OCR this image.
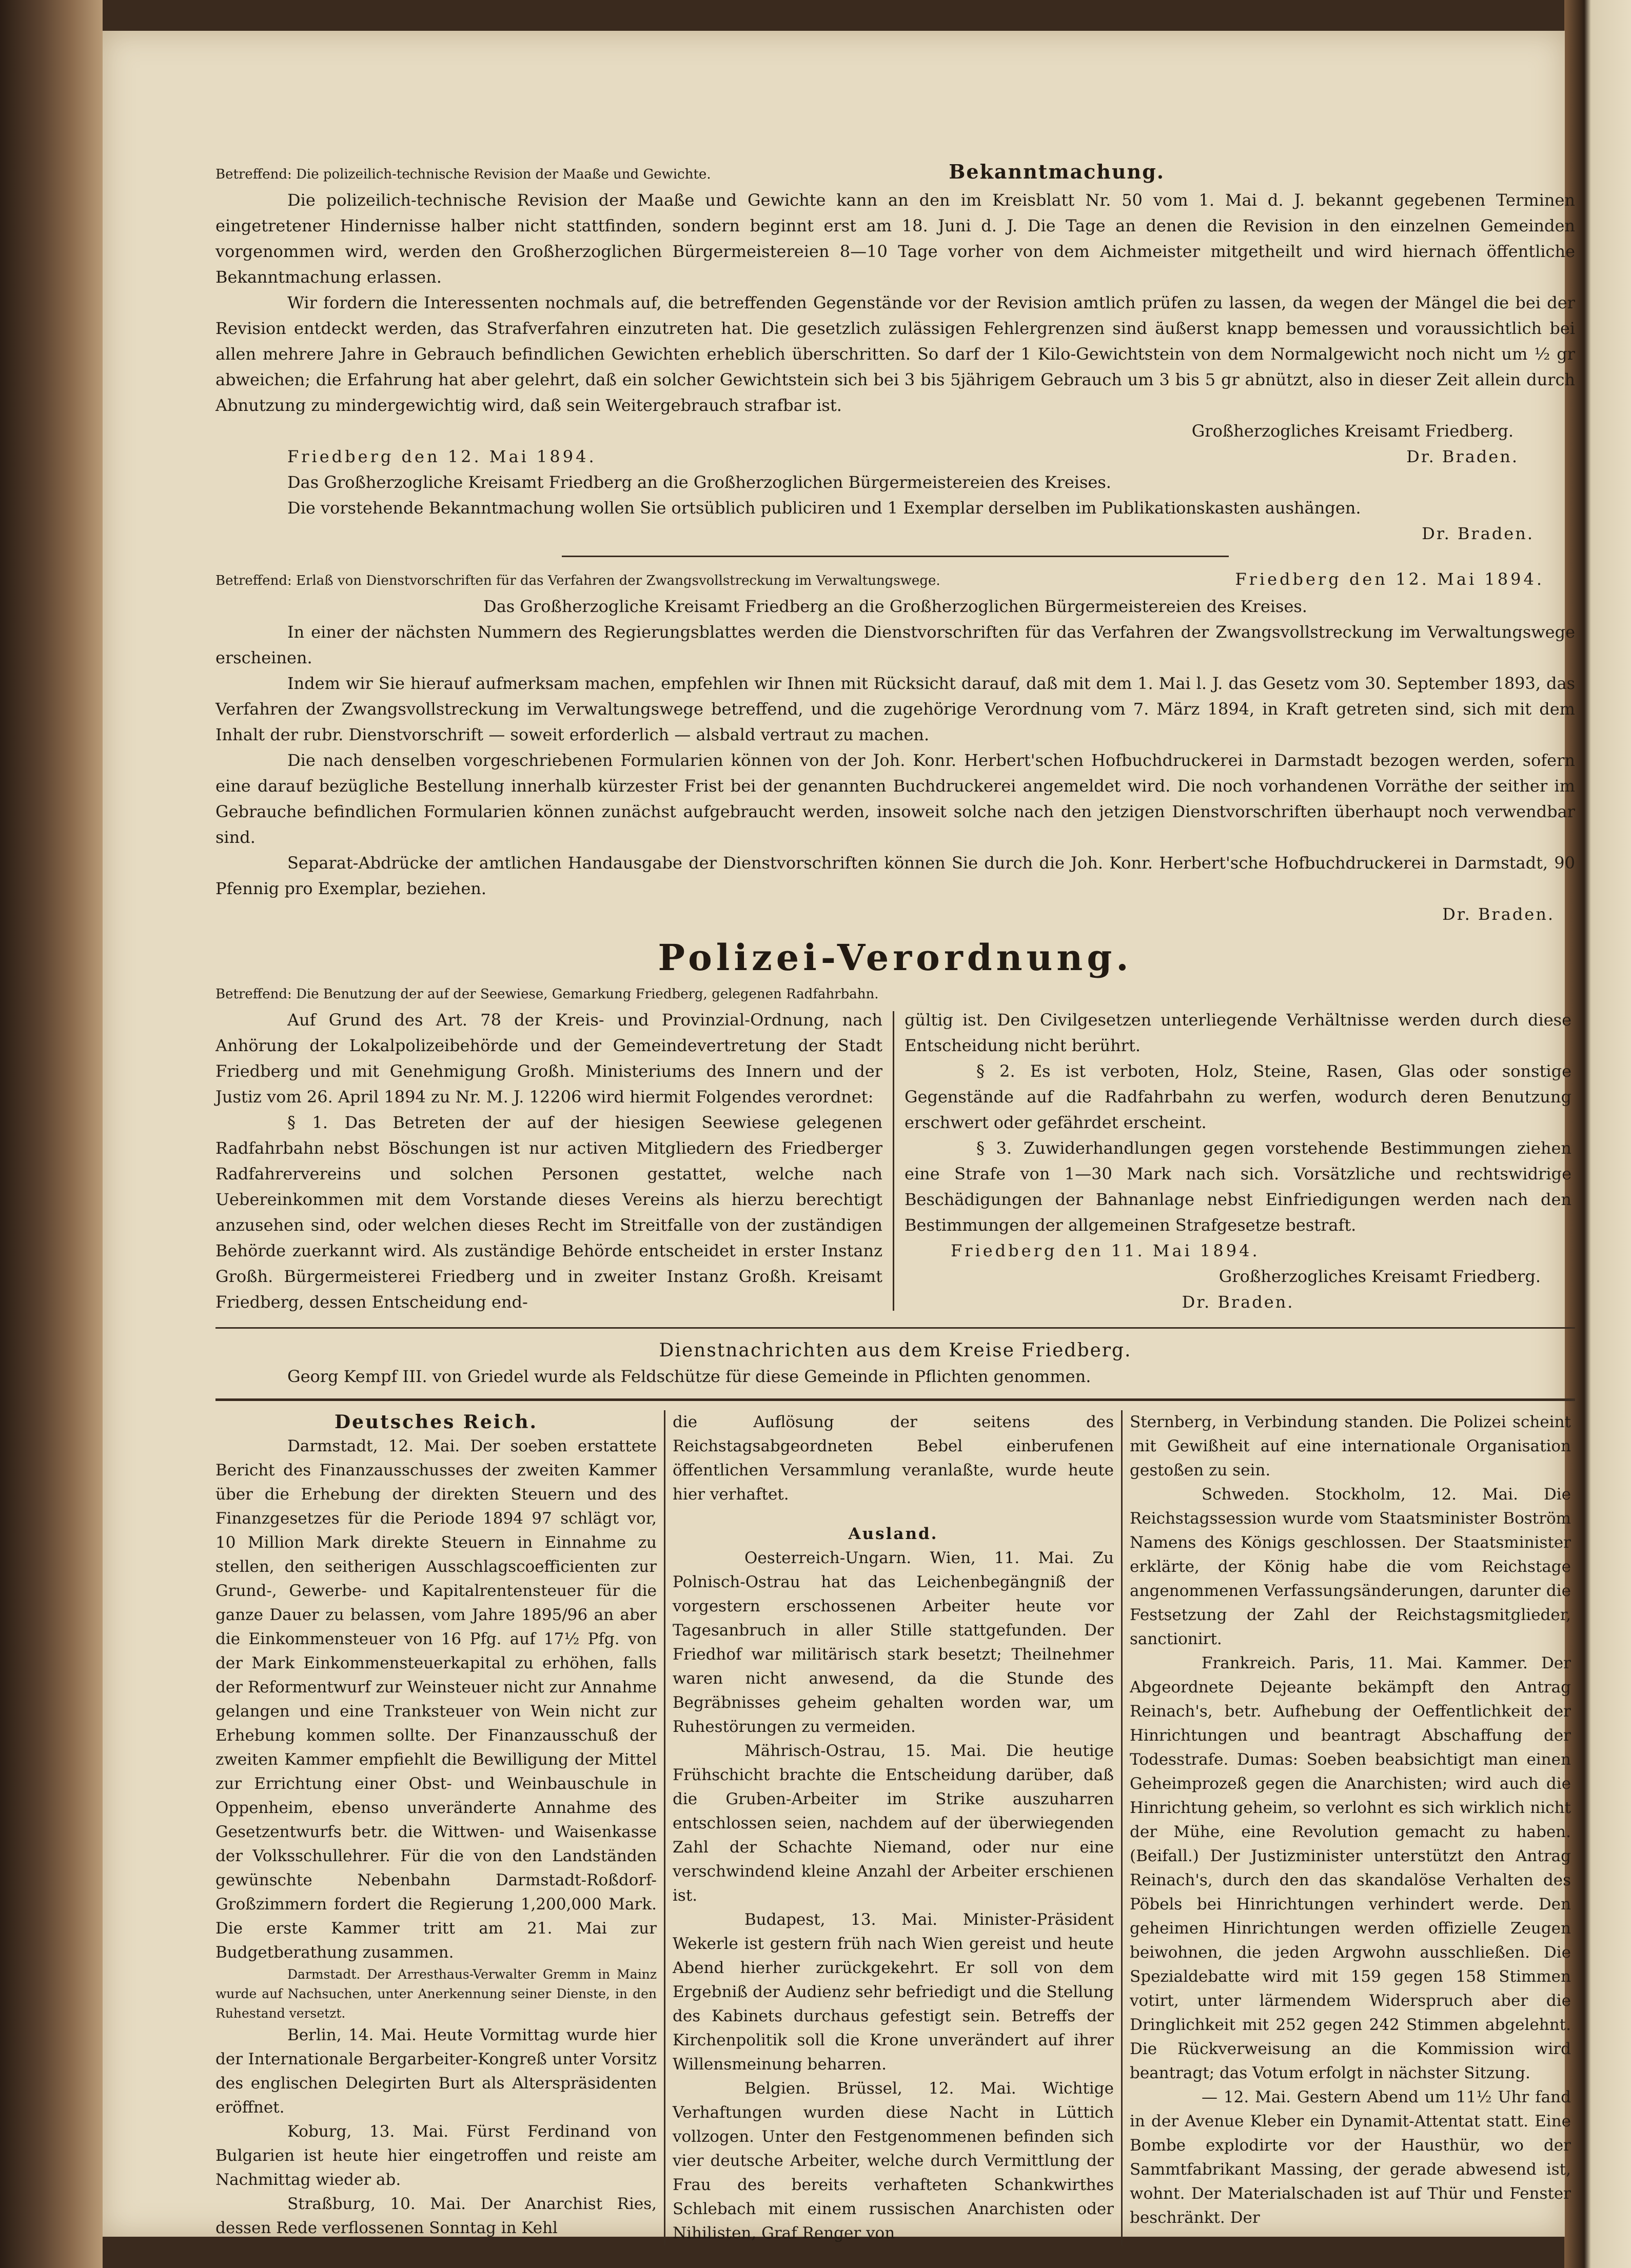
Betreffend: Die polizeilich-technische Revision der Maaße und Gewichte.	Bekanntmachung.

Die polizeilich-technische Revision der Maaße und Gewichte kann an den im Kreisblatt Nr. 50 vom 1. Mai d. J. bekannt gegebenen Terminen eingetretener Hindernisse halber nicht stattfinden, sondern beginnt erst am 18. Juni d. J. Die Tage an denen die Revision in den einzelnen Gemeinden vorgenommen wird, werden den Großherzoglichen Bürgermeistereien 8—10 Tage vorher von dem Aichmeister mitgetheilt und wird hiernach öffentliche Bekanntmachung erlassen.

Wir fordern die Interessenten nochmals auf, die betreffenden Gegenstände vor der Revision amtlich prüfen zu lassen, da wegen der Mängel die bei der Revision entdeckt werden, das Strafverfahren einzutreten hat. Die gesetzlich zulässigen Fehlergrenzen sind äußerst knapp bemessen und voraussichtlich bei allen mehrere Jahre in Gebrauch befindlichen Gewichten erheblich überschritten. So darf der 1 Kilo-Gewichtstein von dem Normalgewicht noch nicht um ½ gr abweichen; die Erfahrung hat aber gelehrt, daß ein solcher Gewichtstein sich bei 3 bis 5jährigem Gebrauch um 3 bis 5 gr abnützt, also in dieser Zeit allein durch Abnutzung zu mindergewichtig wird, daß sein Weitergebrauch strafbar ist.

Großherzogliches Kreisamt Friedberg.

Friedberg den 12. Mai 1894.	Dr. Braden.

Das Großherzogliche Kreisamt Friedberg an die Großherzoglichen Bürgermeistereien des Kreises.

Die vorstehende Bekanntmachung wollen Sie ortsüblich publiciren und 1 Exemplar derselben im Publikationskasten aushängen.

Dr. Braden.

Betreffend: Erlaß von Dienstvorschriften für das Verfahren der Zwangsvollstreckung im Verwaltungswege.	Friedberg den 12. Mai 1894.

Das Großherzogliche Kreisamt Friedberg an die Großherzoglichen Bürgermeistereien des Kreises.

In einer der nächsten Nummern des Regierungsblattes werden die Dienstvorschriften für das Verfahren der Zwangsvollstreckung im Verwaltungswege erscheinen.

Indem wir Sie hierauf aufmerksam machen, empfehlen wir Ihnen mit Rücksicht darauf, daß mit dem 1. Mai l. J. das Gesetz vom 30. September 1893, das Verfahren der Zwangsvollstreckung im Verwaltungswege betreffend, und die zugehörige Verordnung vom 7. März 1894, in Kraft getreten sind, sich mit dem Inhalt der rubr. Dienstvorschrift — soweit erforderlich — alsbald vertraut zu machen.

Die nach denselben vorgeschriebenen Formularien können von der Joh. Konr. Herbert'schen Hofbuchdruckerei in Darmstadt bezogen werden, sofern eine darauf bezügliche Bestellung innerhalb kürzester Frist bei der genannten Buchdruckerei angemeldet wird. Die noch vorhandenen Vorräthe der seither im Gebrauche befindlichen Formularien können zunächst aufgebraucht werden, insoweit solche nach den jetzigen Dienstvorschriften überhaupt noch verwendbar sind.

Separat-Abdrücke der amtlichen Handausgabe der Dienstvorschriften können Sie durch die Joh. Konr. Herbert'sche Hofbuchdruckerei in Darmstadt, 90 Pfennig pro Exemplar, beziehen.

Dr. Braden.

Polizei-Verordnung.

Betreffend: Die Benutzung der auf der Seewiese, Gemarkung Friedberg, gelegenen Radfahrbahn.

Auf Grund des Art. 78 der Kreis- und Provinzial-Ordnung, nach Anhörung der Lokalpolizeibehörde und der Gemeindevertretung der Stadt Friedberg und mit Genehmigung Großh. Ministeriums des Innern und der Justiz vom 26. April 1894 zu Nr. M. J. 12206 wird hiermit Folgendes verordnet:

§ 1. Das Betreten der auf der hiesigen Seewiese gelegenen Radfahrbahn nebst Böschungen ist nur activen Mitgliedern des Friedberger Radfahrervereins und solchen Personen gestattet, welche nach Uebereinkommen mit dem Vorstande dieses Vereins als hierzu berechtigt anzusehen sind, oder welchen dieses Recht im Streitfalle von der zuständigen Behörde zuerkannt wird. Als zuständige Behörde entscheidet in erster Instanz Großh. Bürgermeisterei Friedberg und in zweiter Instanz Großh. Kreisamt Friedberg, dessen Entscheidung end-

gültig ist. Den Civilgesetzen unterliegende Verhältnisse werden durch diese Entscheidung nicht berührt.

§ 2. Es ist verboten, Holz, Steine, Rasen, Glas oder sonstige Gegenstände auf die Radfahrbahn zu werfen, wodurch deren Benutzung erschwert oder gefährdet erscheint.

§ 3. Zuwiderhandlungen gegen vorstehende Bestimmungen ziehen eine Strafe von 1—30 Mark nach sich. Vorsätzliche und rechtswidrige Beschädigungen der Bahnanlage nebst Einfriedigungen werden nach den Bestimmungen der allgemeinen Strafgesetze bestraft.

Friedberg den 11. Mai 1894.

Großherzogliches Kreisamt Friedberg.

Dr. Braden.

Dienstnachrichten aus dem Kreise Friedberg.

Georg Kempf III. von Griedel wurde als Feldschütze für diese Gemeinde in Pflichten genommen.

Deutsches Reich.

Darmstadt, 12. Mai. Der soeben erstattete Bericht des Finanzausschusses der zweiten Kammer über die Erhebung der direkten Steuern und des Finanzgesetzes für die Periode 1894 97 schlägt vor, 10 Million Mark direkte Steuern in Einnahme zu stellen, den seitherigen Ausschlagscoefficienten zur Grund-, Gewerbe- und Kapitalrentensteuer für die ganze Dauer zu belassen, vom Jahre 1895/96 an aber die Einkommensteuer von 16 Pfg. auf 17½ Pfg. von der Mark Einkommensteuerkapital zu erhöhen, falls der Reformentwurf zur Weinsteuer nicht zur Annahme gelangen und eine Tranksteuer von Wein nicht zur Erhebung kommen sollte. Der Finanzausschuß der zweiten Kammer empfiehlt die Bewilligung der Mittel zur Errichtung einer Obst- und Weinbauschule in Oppenheim, ebenso unveränderte Annahme des Gesetzentwurfs betr. die Wittwen- und Waisenkasse der Volksschullehrer. Für die von den Landständen gewünschte Nebenbahn Darmstadt-Roßdorf-Großzimmern fordert die Regierung 1,200,000 Mark. Die erste Kammer tritt am 21. Mai zur Budgetberathung zusammen.

Darmstadt. Der Arresthaus-Verwalter Gremm in Mainz wurde auf Nachsuchen, unter Anerkennung seiner Dienste, in den Ruhestand versetzt.

Berlin, 14. Mai. Heute Vormittag wurde hier der Internationale Bergarbeiter-Kongreß unter Vorsitz des englischen Delegirten Burt als Alterspräsidenten eröffnet.

Koburg, 13. Mai. Fürst Ferdinand von Bulgarien ist heute hier eingetroffen und reiste am Nachmittag wieder ab.

Straßburg, 10. Mai. Der Anarchist Ries, dessen Rede verflossenen Sonntag in Kehl

die Auflösung der seitens des Reichstagsabgeordneten Bebel einberufenen öffentlichen Versammlung veranlaßte, wurde heute hier verhaftet.

Ausland.

Oesterreich-Ungarn. Wien, 11. Mai. Zu Polnisch-Ostrau hat das Leichenbegängniß der vorgestern erschossenen Arbeiter heute vor Tagesanbruch in aller Stille stattgefunden. Der Friedhof war militärisch stark besetzt; Theilnehmer waren nicht anwesend, da die Stunde des Begräbnisses geheim gehalten worden war, um Ruhestörungen zu vermeiden.

Mährisch-Ostrau, 15. Mai. Die heutige Frühschicht brachte die Entscheidung darüber, daß die Gruben-Arbeiter im Strike auszuharren entschlossen seien, nachdem auf der überwiegenden Zahl der Schachte Niemand, oder nur eine verschwindend kleine Anzahl der Arbeiter erschienen ist.

Budapest, 13. Mai. Minister-Präsident Wekerle ist gestern früh nach Wien gereist und heute Abend hierher zurückgekehrt. Er soll von dem Ergebniß der Audienz sehr befriedigt und die Stellung des Kabinets durchaus gefestigt sein. Betreffs der Kirchenpolitik soll die Krone unverändert auf ihrer Willensmeinung beharren.

Belgien. Brüssel, 12. Mai. Wichtige Verhaftungen wurden diese Nacht in Lüttich vollzogen. Unter den Festgenommenen befinden sich vier deutsche Arbeiter, welche durch Vermittlung der Frau des bereits verhafteten Schankwirthes Schlebach mit einem russischen Anarchisten oder Nihilisten, Graf Renger von

Sternberg, in Verbindung standen. Die Polizei scheint mit Gewißheit auf eine internationale Organisation gestoßen zu sein.

Schweden. Stockholm, 12. Mai. Die Reichstagssession wurde vom Staatsminister Boström Namens des Königs geschlossen. Der Staatsminister erklärte, der König habe die vom Reichstage angenommenen Verfassungsänderungen, darunter die Festsetzung der Zahl der Reichstagsmitglieder, sanctionirt.

Frankreich. Paris, 11. Mai. Kammer. Der Abgeordnete Dejeante bekämpft den Antrag Reinach's, betr. Aufhebung der Oeffentlichkeit der Hinrichtungen und beantragt Abschaffung der Todesstrafe. Dumas: Soeben beabsichtigt man einen Geheimprozeß gegen die Anarchisten; wird auch die Hinrichtung geheim, so verlohnt es sich wirklich nicht der Mühe, eine Revolution gemacht zu haben. (Beifall.) Der Justizminister unterstützt den Antrag Reinach's, durch den das skandalöse Verhalten des Pöbels bei Hinrichtungen verhindert werde. Den geheimen Hinrichtungen werden offizielle Zeugen beiwohnen, die jeden Argwohn ausschließen. Die Spezialdebatte wird mit 159 gegen 158 Stimmen votirt, unter lärmendem Widerspruch aber die Dringlichkeit mit 252 gegen 242 Stimmen abgelehnt. Die Rückverweisung an die Kommission wird beantragt; das Votum erfolgt in nächster Sitzung.

— 12. Mai. Gestern Abend um 11½ Uhr fand in der Avenue Kleber ein Dynamit-Attentat statt. Eine Bombe explodirte vor der Hausthür, wo der Sammtfabrikant Massing, der gerade abwesend ist, wohnt. Der Materialschaden ist auf Thür und Fenster beschränkt. Der
